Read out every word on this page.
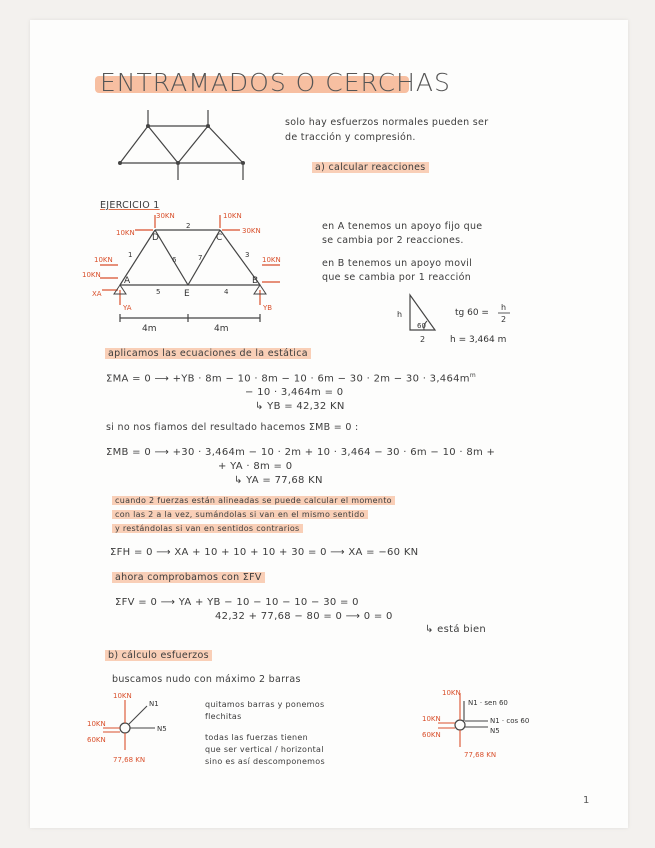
ENTRAMADOS O CERCHAS
solo hay esfuerzos normales pueden ser
de tracción y compresión.
a) calcular reacciones
EJERCICIO 1
D	C
A
E
B
1
2
3
4
5
6	7
30KN	10KN
30KN
10KN
10KN	10KN
10KN
XA
YA	YB
4m	4m
en A tenemos un apoyo fijo que
se cambia por 2 reacciones.
en B tenemos un apoyo movil
que se cambia por 1 reacción
h
60
2
tg 60 =
h
2
h = 3,464 m
aplicamos las ecuaciones de la estática
ΣMA = 0 ⟶ $+YB \cdot 8m - 10 \cdot 8m - 10 \cdot 6m - 30 \cdot 2m - 30 \cdot 3,464m^m$
− 10 · 3,464m = 0
↳ YB = 42,32 KN
si no nos fiamos del resultado hacemos ΣMB = 0 :
ΣMB = 0 ⟶ +30 · 3,464m − 10 · 2m + 10 · 3,464 − 30 · 6m − 10 · 8m +
+ YA · 8m = 0
↳ YA = 77,68 KN
cuando 2 fuerzas están alineadas se puede calcular el momento
con las 2 a la vez, sumándolas si van en el mismo sentido
y restándolas si van en sentidos contrarios
ΣFH = 0 ⟶ XA + 10 + 10 + 10 + 30 = 0 ⟶ XA = −60 KN
ahora comprobamos con ΣFV
ΣFV = 0 ⟶ YA + YB − 10 − 10 − 10 − 30 = 0
42,32 + 77,68 − 80 = 0 ⟶ 0 = 0
↳ está bien
b) cálculo esfuerzos
buscamos nudo con máximo 2 barras
10KN
10KN
60KN
77,68 KN
N1
N5
quitamos barras y ponemos
flechitas
todas las fuerzas tienen
que ser vertical / horizontal
sino es así descomponemos
10KN
10KN
60KN
77,68 KN
N1 · sen 60
N1 · cos 60
N5
1
